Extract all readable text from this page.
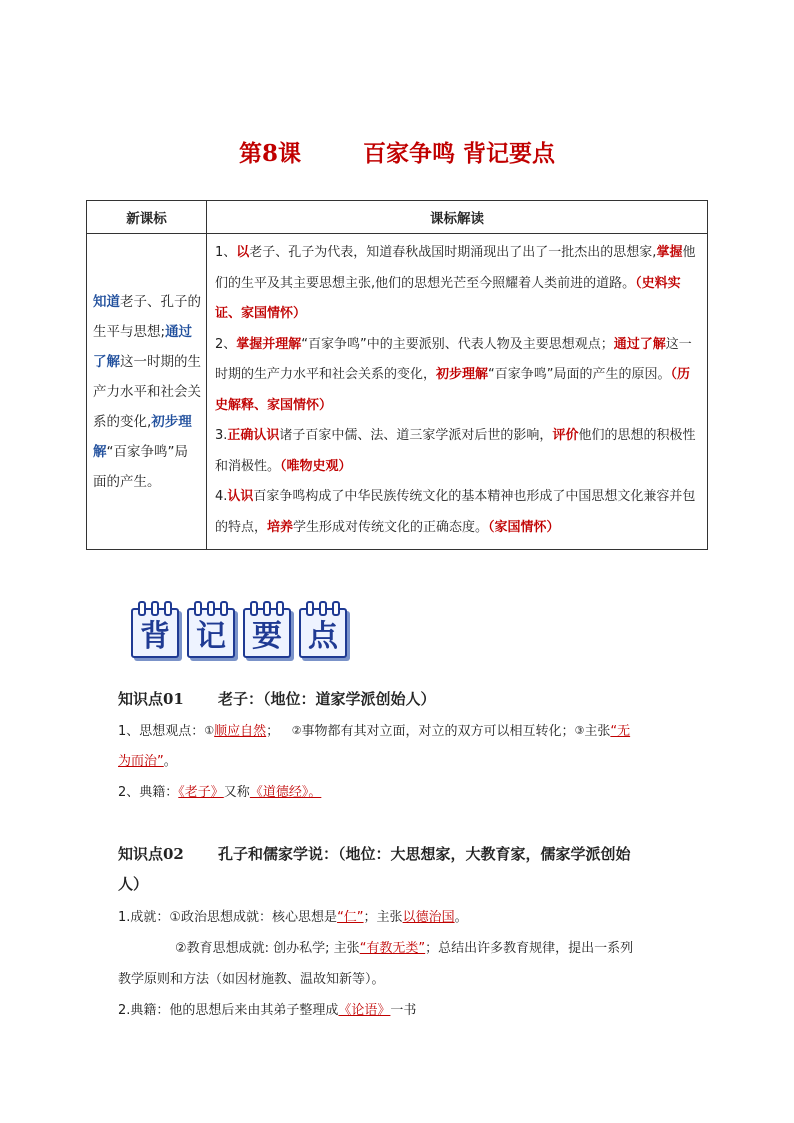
第8课	百家争鸣 背记要点
新课标	课标解读
知道老子、孔子的生平与思想;通过了解这一时期的生产力水平和社会关系的变化,初步理解“百家争鸣”局面的产生。	1、以老子、孔子为代表，知道春秋战国时期涌现出了出了一批杰出的思想家,掌握他们的生平及其主要思想主张,他们的思想光芒至今照耀着人类前进的道路。（史料实证、家国情怀）
2、掌握并理解“百家争鸣”中的主要派别、代表人物及主要思想观点；通过了解这一时期的生产力水平和社会关系的变化，初步理解“百家争鸣”局面的产生的原因。（历史解释、家国情怀）
3.正确认识诸子百家中儒、法、道三家学派对后世的影响，评价他们的思想的积极性和消极性。（唯物史观）
4.认识百家争鸣构成了中华民族传统文化的基本精神也形成了中国思想文化兼容并包的特点，培养学生形成对传统文化的正确态度。（家国情怀）
背 记 要 点
知识点01 老子：（地位：道家学派创始人）
1、思想观点：①顺应自然； ②事物都有其对立面，对立的双方可以相互转化；③主张“无
为而治”。
2、典籍：《老子》又称《道德经》。
知识点02 孔子和儒家学说：（地位：大思想家，大教育家，儒家学派创始
人）
1.成就：①政治思想成就：核心思想是“仁”；主张以德治国。
②教育思想成就: 创办私学; 主张“有教无类”；总结出许多教育规律，提出一系列
教学原则和方法（如因材施教、温故知新等）。
2.典籍：他的思想后来由其弟子整理成《论语》一书
